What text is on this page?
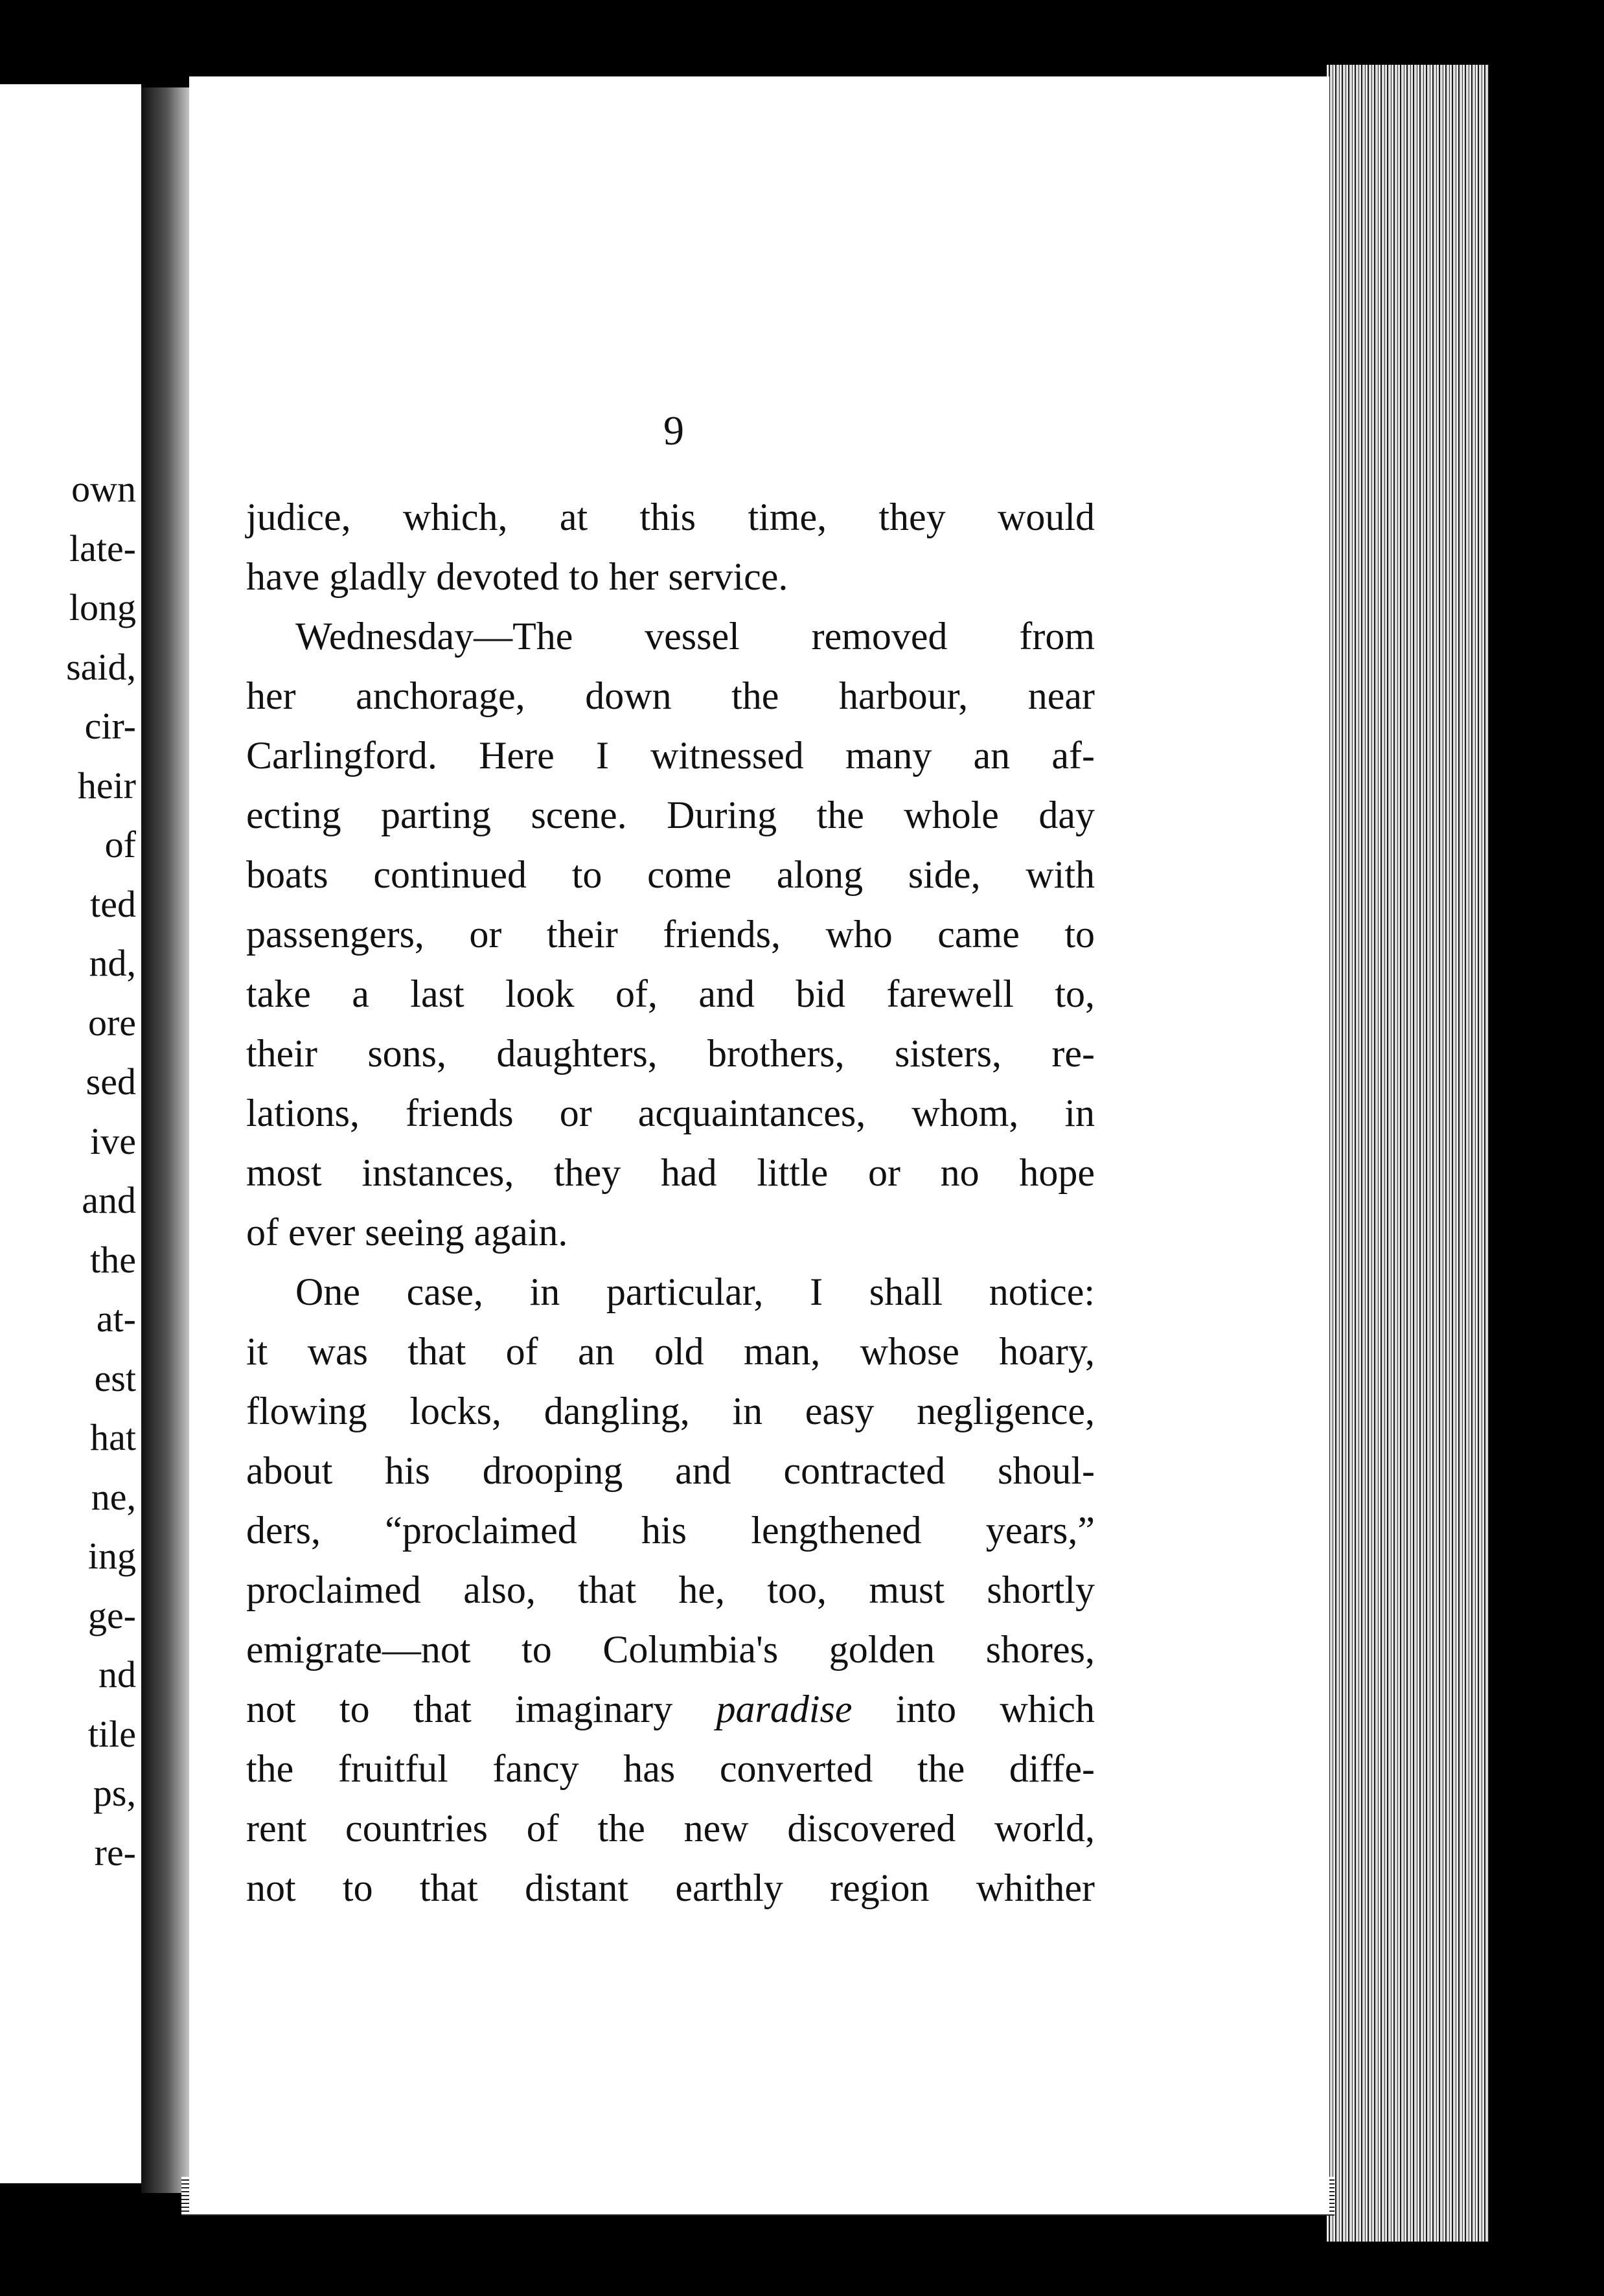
own
late-
long
said,
cir-
heir
of
ted
nd,
ore
sed
ive
and
the
at-
est
hat
ne,
ing
ge-
nd
tile
ps,
re-
9
judice, which, at this time, they would
have gladly devoted to her service.
Wednesday—The vessel removed from
her anchorage, down the harbour, near
Carlingford. Here I witnessed many an af-
ecting parting scene. During the whole day
boats continued to come along side, with
passengers, or their friends, who came to
take a last look of, and bid farewell to,
their sons, daughters, brothers, sisters, re-
lations, friends or acquaintances, whom, in
most instances, they had little or no hope
of ever seeing again.
One case, in particular, I shall notice:
it was that of an old man, whose hoary,
flowing locks, dangling, in easy negligence,
about his drooping and contracted shoul-
ders, “proclaimed his lengthened years,”
proclaimed also, that he, too, must shortly
emigrate—not to Columbia's golden shores,
not to that imaginary paradise into which
the fruitful fancy has converted the diffe-
rent countries of the new discovered world,
not to that distant earthly region whither
